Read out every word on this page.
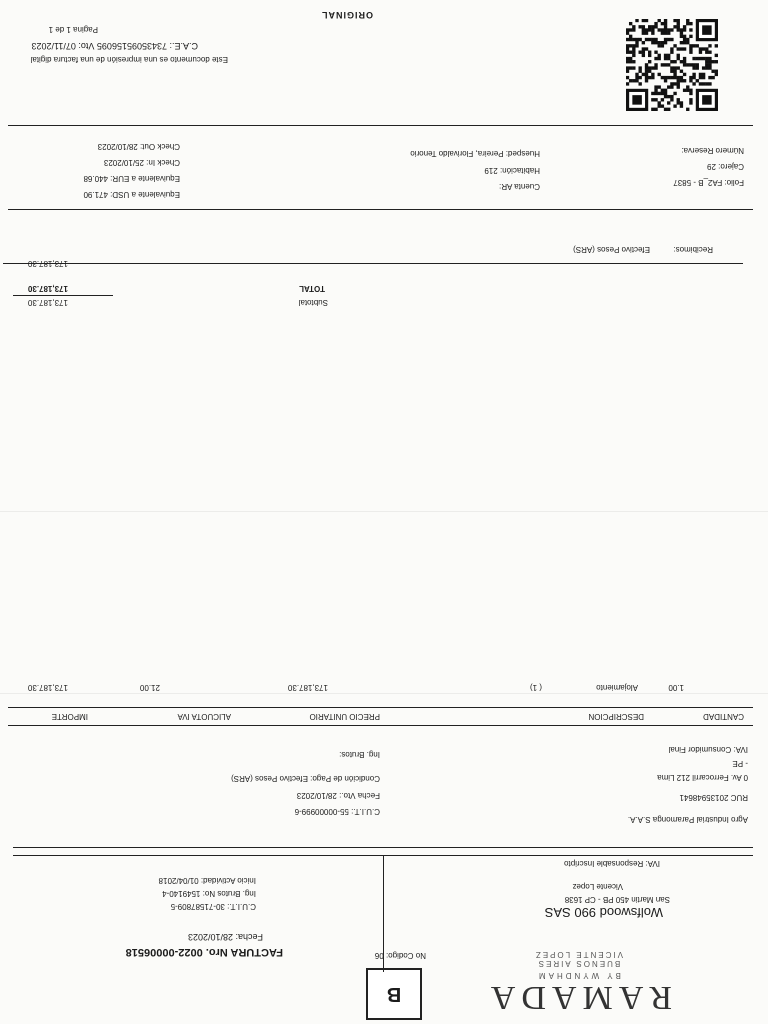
RAMADA
BY WYNDHAM
BUENOS AIRES
VICENTE LOPEZ
B
No Codigo: 06
FACTURA Nro. 0022-00006518
Fecha: 28/10/2023
Wolfswood 990 SAS
San Martin 450 PB - CP 1638
Vicente Lopez
IVA: Responsable Inscripto
C.U.I.T.: 30-71587809-5
Ing. Brutos No: 1549140-4
Inicio Actividad: 01/04/2018
Agro Industrial Paramonga S.A.A.
RUC 20135948641
0 Av. Ferrocarril 212 Lima
- PE
IVA: Consumidor Final
C.U.I.T.: 55-00000999-6
Fecha Vto.: 28/10/2023
Condición de Pago: Efectivo Pesos (ARS)
Ing. Brutos:
CANTIDAD
DESCRIPCION
PRECIO UNITARIO
ALICUOTA IVA
IMPORTE
1.00
Alojamiento
( 1)
173,187.30
21.00
173,187.30
Subtotal
173,187.30
TOTAL
173,187.30
Recibimos:
Efectivo Pesos (ARS)
173,187.30
Folio: FA2_B - 5837
Cajero: 29
Número Reserva:
Cuenta AR:
Habitación: 219
Huesped: Pereira, Florivaldo Tenorio
Equivalente a USD: 471.90
Equivalente a EUR: 440.68
Check In: 25/10/2023
Check Out: 28/10/2023
Este documento es una impresión de una factura digital
C.A.E.: 73435095156095 Vto: 07/11/2023
Pagina 1 de 1
ORIGINAL
